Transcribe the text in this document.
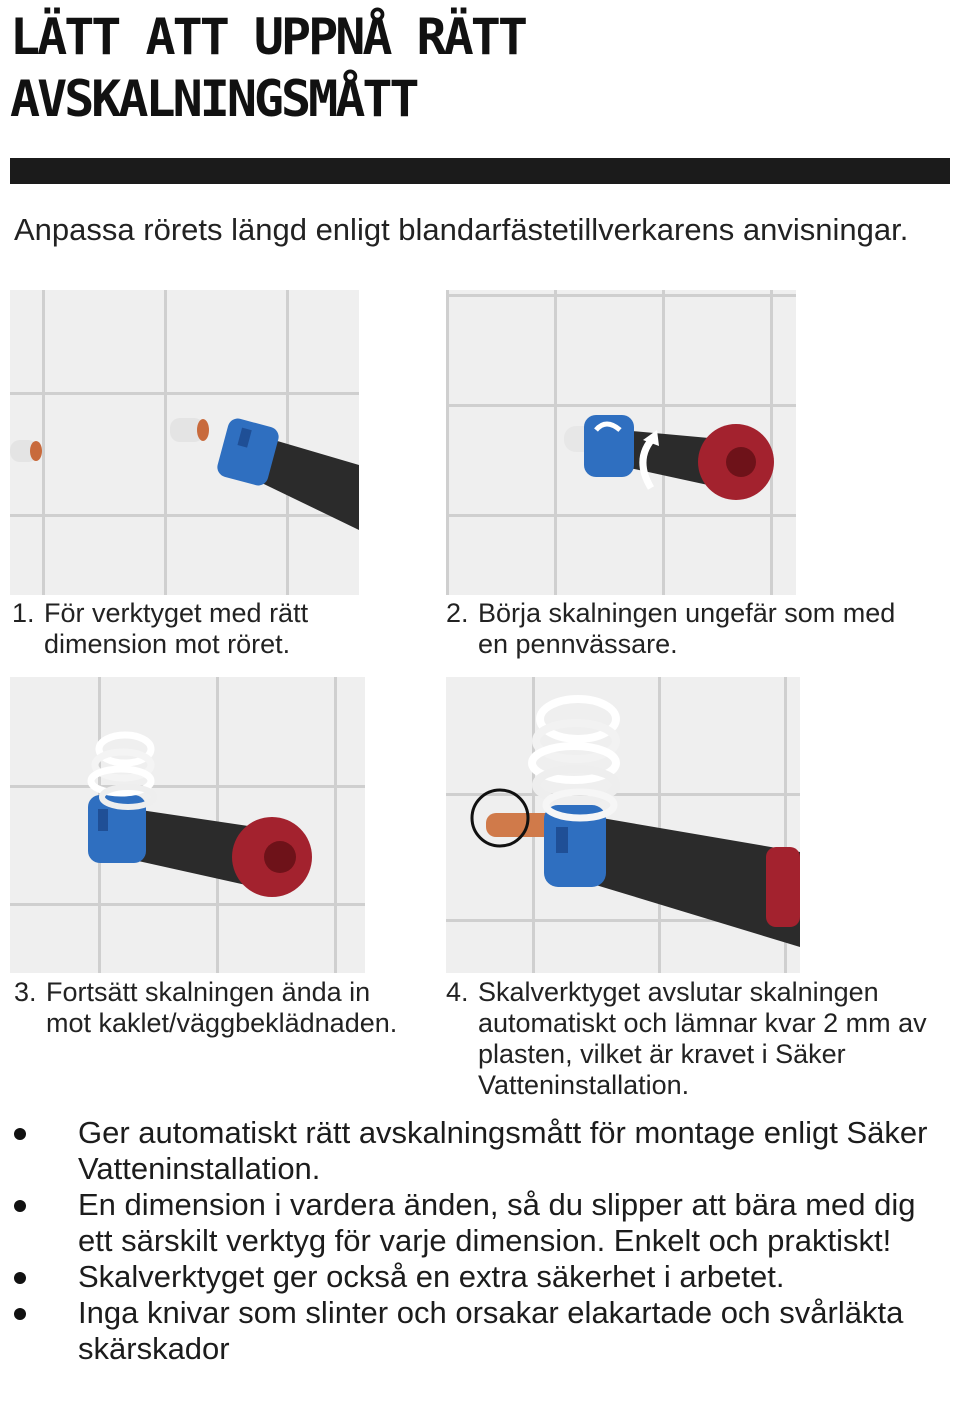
LÄTT ATT UPPNÅ RÄTT
AVSKALNINGSMÅTT

Anpassa rörets längd enligt blandarfästetillverkarens anvisningar.

1. För verktyget med rätt dimension mot röret.

2. Börja skalningen ungefär som med en pennvässare.

3. Fortsätt skalningen ända in mot kaklet/väggbeklädnaden.

4. Skalverktyget avslutar skalningen automatiskt och lämnar kvar 2 mm av plasten, vilket är kravet i Säker Vatteninstallation.

Ger automatiskt rätt avskalningsmått för montage enligt Säker Vatteninstallation.
En dimension i vardera änden, så du slipper att bära med dig ett särskilt verktyg för varje dimension. Enkelt och praktiskt!
Skalverktyget ger också en extra säkerhet i arbetet.
Inga knivar som slinter och orsakar elakartade och svårläkta skärskador
